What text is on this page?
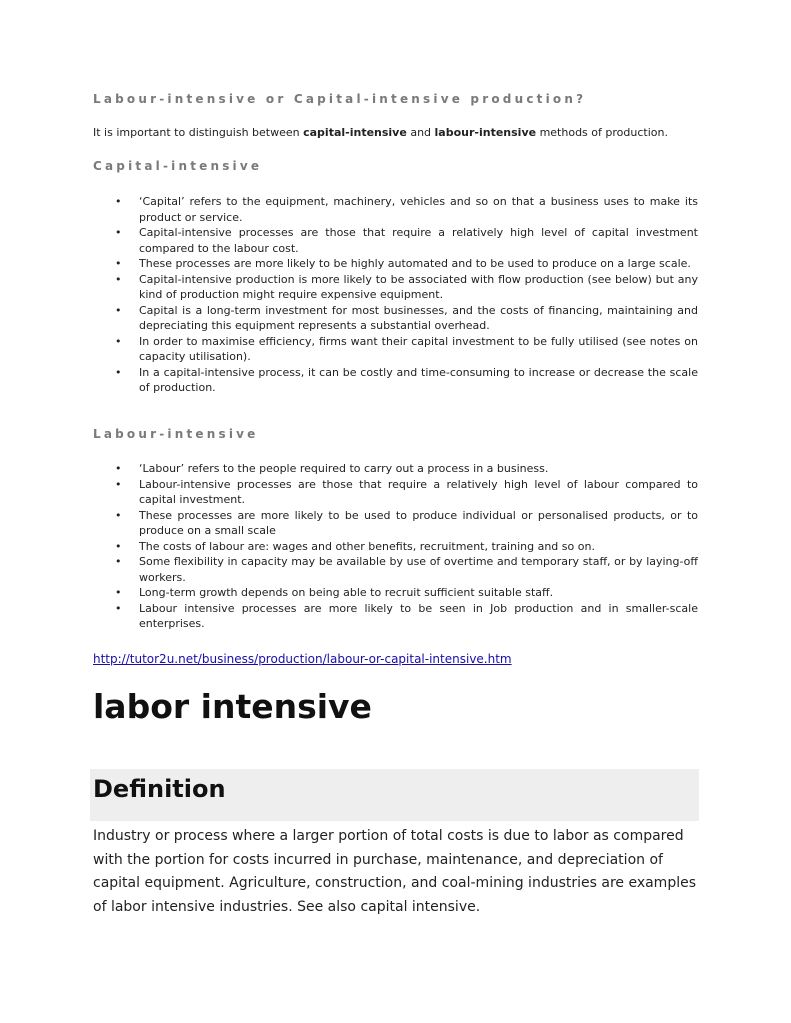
Labour-intensive or Capital-intensive production?

It is important to distinguish between capital-intensive and labour-intensive methods of production.

Capital-intensive
• ‘Capital’ refers to the equipment, machinery, vehicles and so on that a business uses to make its product or service.
• Capital-intensive processes are those that require a relatively high level of capital investment compared to the labour cost.
• These processes are more likely to be highly automated and to be used to produce on a large scale.
• Capital-intensive production is more likely to be associated with flow production (see below) but any kind of production might require expensive equipment.
• Capital is a long-term investment for most businesses, and the costs of financing, maintaining and depreciating this equipment represents a substantial overhead.
• In order to maximise efficiency, firms want their capital investment to be fully utilised (see notes on capacity utilisation).
• In a capital-intensive process, it can be costly and time-consuming to increase or decrease the scale of production.
Labour-intensive
• ‘Labour’ refers to the people required to carry out a process in a business.
• Labour-intensive processes are those that require a relatively high level of labour compared to capital investment.
• These processes are more likely to be used to produce individual or personalised products, or to produce on a small scale
• The costs of labour are: wages and other benefits, recruitment, training and so on.
• Some flexibility in capacity may be available by use of overtime and temporary staff, or by laying-off workers.
• Long-term growth depends on being able to recruit sufficient suitable staff.
• Labour intensive processes are more likely to be seen in Job production and in smaller-scale enterprises.
http://tutor2u.net/business/production/labour-or-capital-intensive.htm
labor intensive
Definition

Industry or process where a larger portion of total costs is due to labor as compared with the portion for costs incurred in purchase, maintenance, and depreciation of capital equipment. Agriculture, construction, and coal-mining industries are examples of labor intensive industries. See also capital intensive.
